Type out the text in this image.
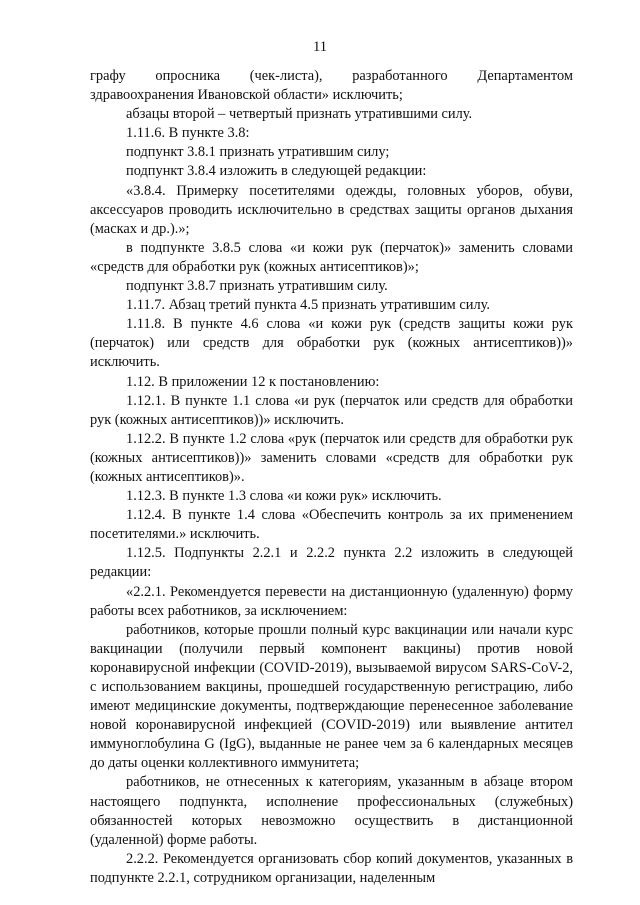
11

графу опросника (чек-листа), разработанного Департаментом здравоохранения Ивановской области» исключить;

абзацы второй – четвертый признать утратившими силу.

1.11.6. В пункте 3.8:

подпункт 3.8.1 признать утратившим силу;

подпункт 3.8.4 изложить в следующей редакции:

«3.8.4. Примерку посетителями одежды, головных уборов, обуви, аксессуаров проводить исключительно в средствах защиты органов дыхания (масках и др.).»;

в подпункте 3.8.5 слова «и кожи рук (перчаток)» заменить словами «средств для обработки рук (кожных антисептиков)»;

подпункт 3.8.7 признать утратившим силу.

1.11.7. Абзац третий пункта 4.5 признать утратившим силу.

1.11.8. В пункте 4.6 слова «и кожи рук (средств защиты кожи рук (перчаток) или средств для обработки рук (кожных антисептиков))» исключить.

1.12. В приложении 12 к постановлению:

1.12.1. В пункте 1.1 слова «и рук (перчаток или средств для обработки рук (кожных антисептиков))» исключить.

1.12.2. В пункте 1.2 слова «рук (перчаток или средств для обработки рук (кожных антисептиков))» заменить словами «средств для обработки рук (кожных антисептиков)».

1.12.3. В пункте 1.3 слова «и кожи рук» исключить.

1.12.4. В пункте 1.4 слова «Обеспечить контроль за их применением посетителями.» исключить.

1.12.5. Подпункты 2.2.1 и 2.2.2 пункта 2.2 изложить в следующей редакции:

«2.2.1. Рекомендуется перевести на дистанционную (удаленную) форму работы всех работников, за исключением:

работников, которые прошли полный курс вакцинации или начали курс вакцинации (получили первый компонент вакцины) против новой коронавирусной инфекции (COVID-2019), вызываемой вирусом SARS-CoV-2, с использованием вакцины, прошедшей государственную регистрацию, либо имеют медицинские документы, подтверждающие перенесенное заболевание новой коронавирусной инфекцией (COVID-2019) или выявление антител иммуноглобулина G (IgG), выданные не ранее чем за 6 календарных месяцев до даты оценки коллективного иммунитета;

работников, не отнесенных к категориям, указанным в абзаце втором настоящего подпункта, исполнение профессиональных (служебных) обязанностей которых невозможно осуществить в дистанционной (удаленной) форме работы.

2.2.2. Рекомендуется организовать сбор копий документов, указанных в подпункте 2.2.1, сотрудником организации, наделенным
